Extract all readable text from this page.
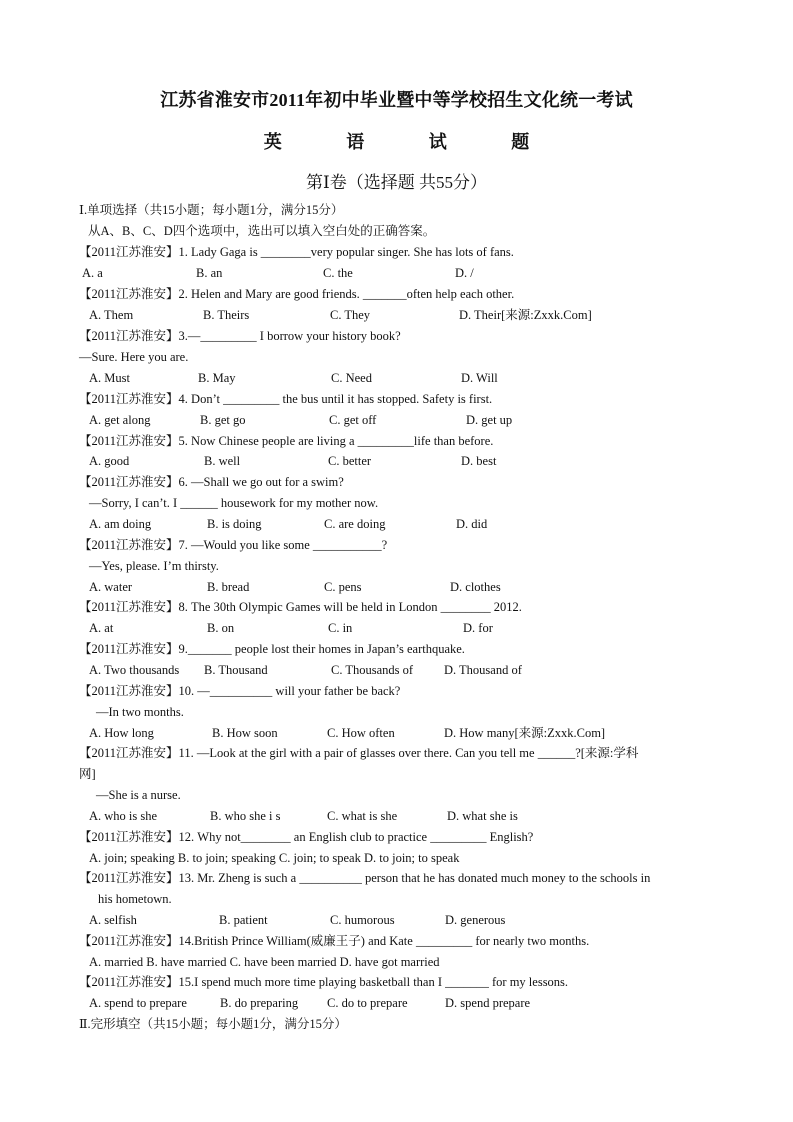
江苏省淮安市2011年初中毕业暨中等学校招生文化统一考试
英 语 试 题
第Ⅰ卷（选择题 共55分）
Ⅰ.单项选择（共15小题；每小题1分，满分15分）
从A、B、C、D四个选项中，选出可以填入空白处的正确答案。
【2011江苏淮安】1. Lady Gaga is ________very popular singer. She has lots of fans.
A. a	B. an	C. the	D. /
【2011江苏淮安】2. Helen and Mary are good friends. _______often help each other.
A. Them	B. Theirs	C. They	D. Their[来源:Zxxk.Com]
【2011江苏淮安】3.—_________ I borrow your history book?
—Sure. Here you are.
A. Must	B. May	C. Need	D. Will
【2011江苏淮安】4. Don’t _________ the bus until it has stopped. Safety is first.
A. get along	B. get go	C. get off	D. get up
【2011江苏淮安】5. Now Chinese people are living a _________life than before.
A. good	B. well	C. better	D. best
【2011江苏淮安】6. —Shall we go out for a swim?
—Sorry, I can’t. I ______ housework for my mother now.
A. am doing	B. is doing	C. are doing	D. did
【2011江苏淮安】7. —Would you like some ___________?
—Yes, please. I’m thirsty.
A. water	B. bread	C. pens	D. clothes
【2011江苏淮安】8. The 30th Olympic Games will be held in London ________ 2012.
A. at	B. on	C. in	D. for
【2011江苏淮安】9._______ people lost their homes in Japan’s earthquake.
A. Two thousands B. Thousand	C. Thousands of D. Thousand of
【2011江苏淮安】10. —__________ will your father be back?
—In two months.
A. How long	B. How soon	C. How often	D. How many[来源:Zxxk.Com]
【2011江苏淮安】11. —Look at the girl with a pair of glasses over there. Can you tell me ______?[来源:学科
网]
—She is a nurse.
A. who is she	B. who she i s	C. what is she	D. what she is
【2011江苏淮安】12. Why not________ an English club to practice _________ English?
A. join; speaking B. to join; speaking C. join; to speak D. to join; to speak
【2011江苏淮安】13. Mr. Zheng is such a __________ person that he has donated much money to the schools in
his hometown.
A. selfish	B. patient	C. humorous	D. generous
【2011江苏淮安】14.British Prince William(威廉王子) and Kate _________ for nearly two months.
A. married B. have married C. have been married D. have got married
【2011江苏淮安】15.I spend much more time playing basketball than I _______ for my lessons.
A. spend to prepare	B. do preparing C. do to prepare	D. spend prepare
Ⅱ.完形填空（共15小题；每小题1分，满分15分）
